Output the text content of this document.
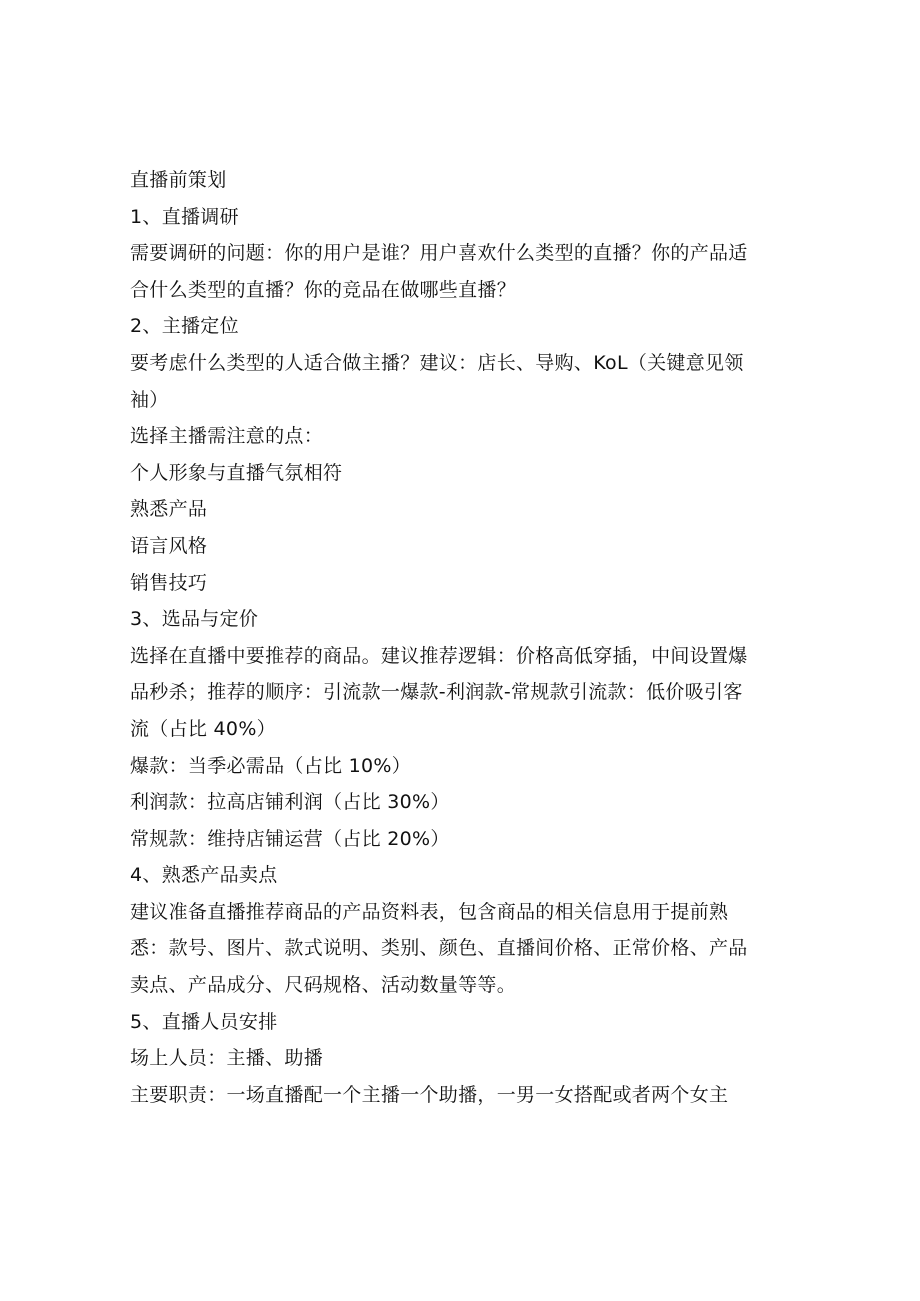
直播前策划
1、直播调研
需要调研的问题：你的用户是谁？用户喜欢什么类型的直播？你的产品适
合什么类型的直播？你的竞品在做哪些直播？
2、主播定位
要考虑什么类型的人适合做主播？建议：店长、导购、KoL（关键意见领
袖）
选择主播需注意的点：
个人形象与直播气氛相符
熟悉产品
语言风格
销售技巧
3、选品与定价
选择在直播中要推荐的商品。建议推荐逻辑：价格高低穿插，中间设置爆
品秒杀；推荐的顺序：引流款一爆款-利润款-常规款引流款：低价吸引客
流（占比 40%）
爆款：当季必需品（占比 10%）
利润款：拉高店铺利润（占比 30%）
常规款：维持店铺运营（占比 20%）
4、熟悉产品卖点
建议准备直播推荐商品的产品资料表，包含商品的相关信息用于提前熟
悉：款号、图片、款式说明、类别、颜色、直播间价格、正常价格、产品
卖点、产品成分、尺码规格、活动数量等等。
5、直播人员安排
场上人员：主播、助播
主要职责：一场直播配一个主播一个助播，一男一女搭配或者两个女主
